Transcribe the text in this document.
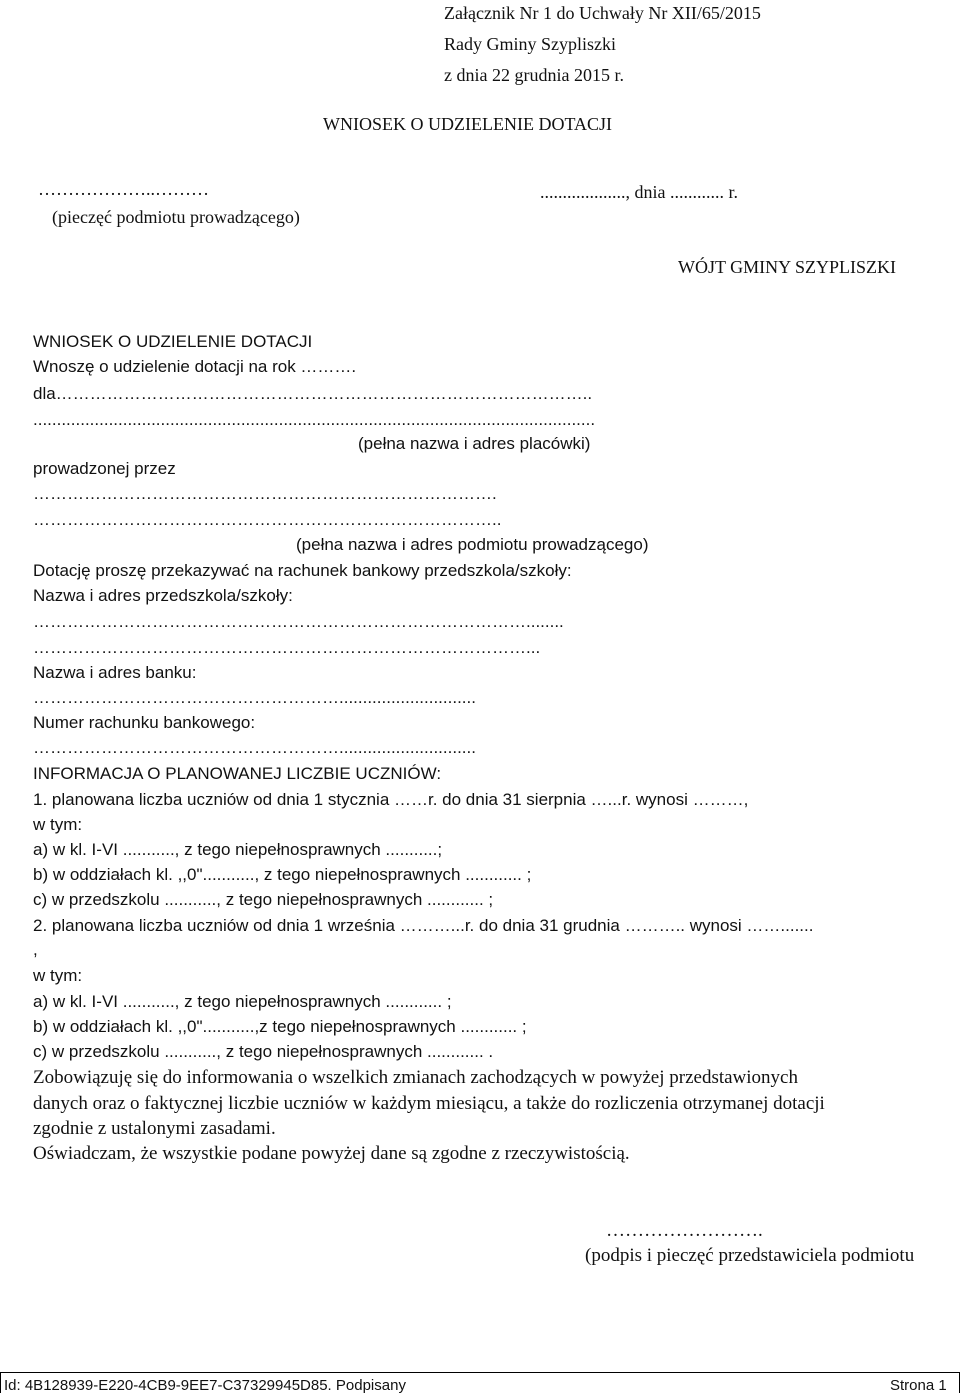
Załącznik Nr 1 do Uchwały Nr XII/65/2015
Rady Gminy Szypliszki
z dnia 22 grudnia 2015 r.
WNIOSEK O UDZIELENIE DOTACJI
………………..………	..................., dnia ............ r.
(pieczęć podmiotu prowadzącego)
WÓJT GMINY SZYPLISZKI
WNIOSEK O UDZIELENIE DOTACJI
Wnoszę o udzielenie dotacji na rok ……….
dla…………………………………………………………………………………..
.......................................................................................................................
(pełna nazwa i adres placówki)
prowadzonej przez
……………………………………………………………………….
………………………………………………………………………..
(pełna nazwa i adres podmiotu prowadzącego)
Dotację proszę przekazywać na rachunek bankowy przedszkola/szkoły:
Nazwa i adres przedszkola/szkoły:
……………………………………………………………………………........
……………………………………………………………………………...
Nazwa i adres banku:
……………………………………………….............................
Numer rachunku bankowego:
……………………………………………….............................
INFORMACJA O PLANOWANEJ LICZBIE UCZNIÓW:
1. planowana liczba uczniów od dnia 1 stycznia ……r. do dnia 31 sierpnia …...r. wynosi ………,
w tym:
a) w kl. I-VI ..........., z tego niepełnosprawnych ...........;
b) w oddziałach kl. ,,0"..........., z tego niepełnosprawnych ............ ;
c) w przedszkolu ..........., z tego niepełnosprawnych ............ ;
2. planowana liczba uczniów od dnia 1 września ………...r. do dnia 31 grudnia ……….. wynosi …….......
,
w tym:
a) w kl. I-VI ..........., z tego niepełnosprawnych ............ ;
b) w oddziałach kl. ,,0"...........,z tego niepełnosprawnych ............ ;
c) w przedszkolu ..........., z tego niepełnosprawnych ............ .
Zobowiązuję się do informowania o wszelkich zmianach zachodzących w powyżej przedstawionych
danych oraz o faktycznej liczbie uczniów w każdym miesiącu, a także do rozliczenia otrzymanej dotacji
zgodnie z ustalonymi zasadami.
Oświadczam, że wszystkie podane powyżej dane są zgodne z rzeczywistością.
…………………….
(podpis i pieczęć przedstawiciela podmiotu
Id: 4B128939-E220-4CB9-9EE7-C37329945D85. Podpisany	Strona 1
